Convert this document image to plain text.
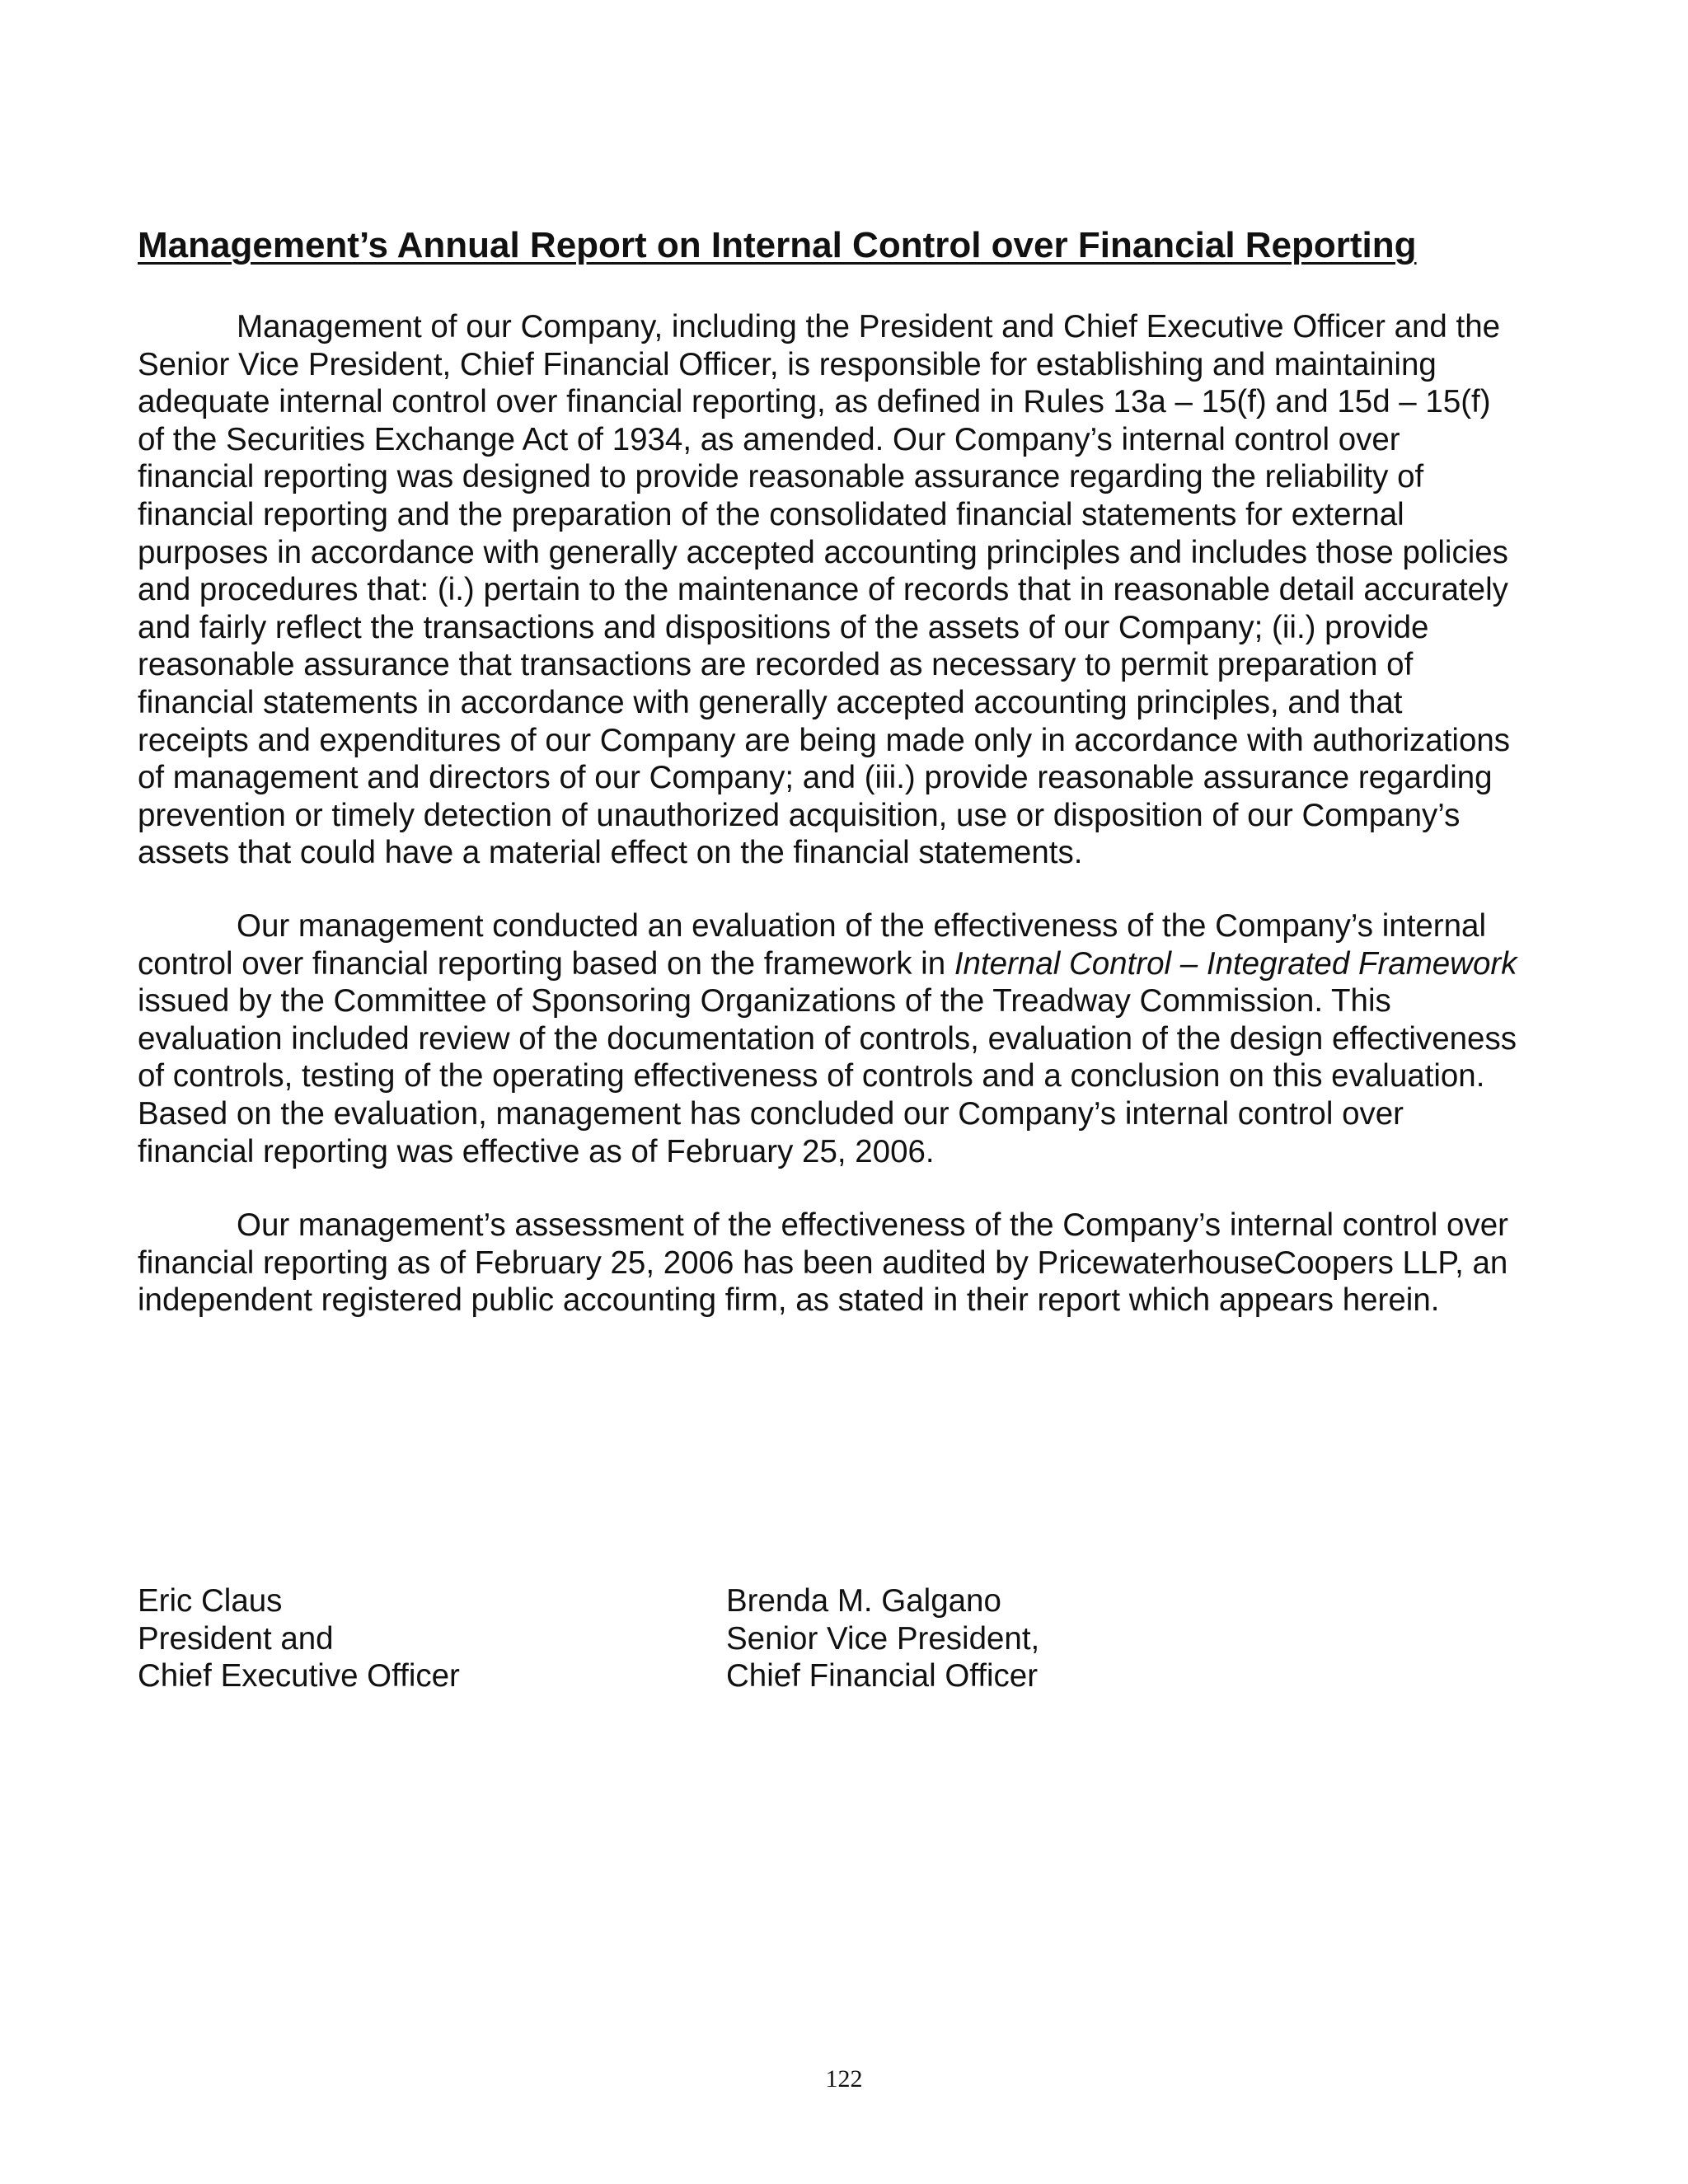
Management’s Annual Report on Internal Control over Financial Reporting

Management of our Company, including the President and Chief Executive Officer and the
Senior Vice President, Chief Financial Officer, is responsible for establishing and maintaining
adequate internal control over financial reporting, as defined in Rules 13a – 15(f) and 15d – 15(f)
of the Securities Exchange Act of 1934, as amended. Our Company’s internal control over
financial reporting was designed to provide reasonable assurance regarding the reliability of
financial reporting and the preparation of the consolidated financial statements for external
purposes in accordance with generally accepted accounting principles and includes those policies
and procedures that: (i.) pertain to the maintenance of records that in reasonable detail accurately
and fairly reflect the transactions and dispositions of the assets of our Company; (ii.) provide
reasonable assurance that transactions are recorded as necessary to permit preparation of
financial statements in accordance with generally accepted accounting principles, and that
receipts and expenditures of our Company are being made only in accordance with authorizations
of management and directors of our Company; and (iii.) provide reasonable assurance regarding
prevention or timely detection of unauthorized acquisition, use or disposition of our Company’s
assets that could have a material effect on the financial statements.

Our management conducted an evaluation of the effectiveness of the Company’s internal
control over financial reporting based on the framework in Internal Control – Integrated Framework
issued by the Committee of Sponsoring Organizations of the Treadway Commission. This
evaluation included review of the documentation of controls, evaluation of the design effectiveness
of controls, testing of the operating effectiveness of controls and a conclusion on this evaluation.
Based on the evaluation, management has concluded our Company’s internal control over
financial reporting was effective as of February 25, 2006.

Our management’s assessment of the effectiveness of the Company’s internal control over
financial reporting as of February 25, 2006 has been audited by PricewaterhouseCoopers LLP, an
independent registered public accounting firm, as stated in their report which appears herein.

Eric Claus
President and
Chief Executive Officer
Brenda M. Galgano
Senior Vice President,
Chief Financial Officer
122
